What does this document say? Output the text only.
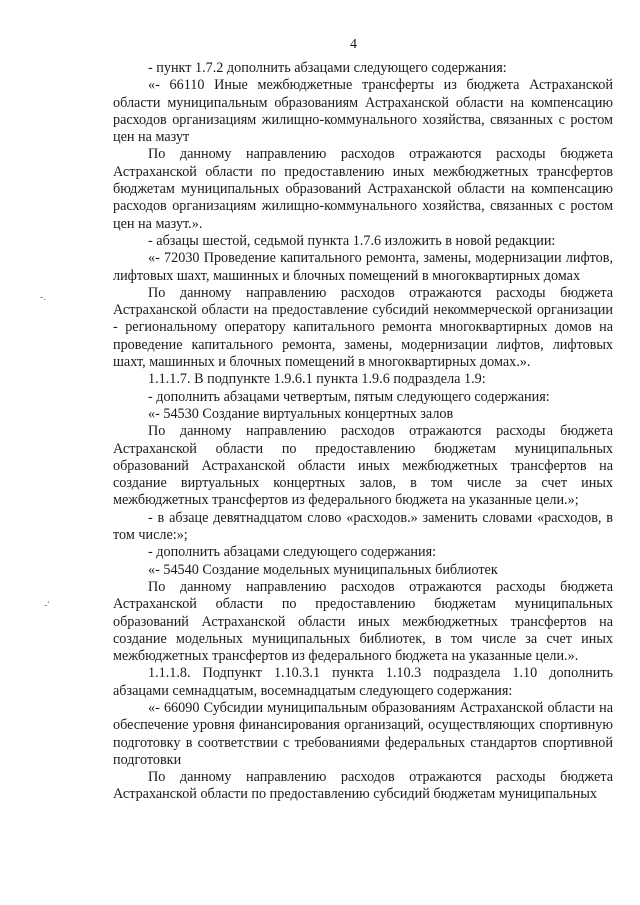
4
-.
-'

- пункт 1.7.2 дополнить абзацами следующего содержания:

«- 66110 Иные межбюджетные трансферты из бюджета Астраханской области муниципальным образованиям Астраханской области на компенсацию расходов организациям жилищно-коммунального хозяйства, связанных с ростом цен на мазут

По данному направлению расходов отражаются расходы бюджета Астраханской области по предоставлению иных межбюджетных трансфертов бюджетам муниципальных образований Астраханской области на компенсацию расходов организациям жилищно-коммунального хозяйства, связанных с ростом цен на мазут.».

- абзацы шестой, седьмой пункта 1.7.6 изложить в новой редакции:

«- 72030 Проведение капитального ремонта, замены, модернизации лифтов, лифтовых шахт, машинных и блочных помещений в многоквартирных домах

По данному направлению расходов отражаются расходы бюджета Астраханской области на предоставление субсидий некоммерческой организации - региональному оператору капитального ремонта многоквартирных домов на проведение капитального ремонта, замены, модернизации лифтов, лифтовых шахт, машинных и блочных помещений в многоквартирных домах.».

1.1.1.7. В подпункте 1.9.6.1 пункта 1.9.6 подраздела 1.9:

- дополнить абзацами четвертым, пятым следующего содержания:

«- 54530 Создание виртуальных концертных залов

По данному направлению расходов отражаются расходы бюджета Астраханской области по предоставлению бюджетам муниципальных образований Астраханской области иных межбюджетных трансфертов на создание виртуальных концертных залов, в том числе за счет иных межбюджетных трансфертов из федерального бюджета на указанные цели.»;

- в абзаце девятнадцатом слово «расходов.» заменить словами «расходов, в том числе:»;

- дополнить абзацами следующего содержания:

«- 54540 Создание модельных муниципальных библиотек

По данному направлению расходов отражаются расходы бюджета Астраханской области по предоставлению бюджетам муниципальных образований Астраханской области иных межбюджетных трансфертов на создание модельных муниципальных библиотек, в том числе за счет иных межбюджетных трансфертов из федерального бюджета на указанные цели.».

1.1.1.8. Подпункт 1.10.3.1 пункта 1.10.3 подраздела 1.10 дополнить абзацами семнадцатым, восемнадцатым следующего содержания:

«- 66090 Субсидии муниципальным образованиям Астраханской области на обеспечение уровня финансирования организаций, осуществляющих спортивную подготовку в соответствии с требованиями федеральных стандартов спортивной подготовки

По данному направлению расходов отражаются расходы бюджета Астраханской области по предоставлению субсидий бюджетам муниципальных
